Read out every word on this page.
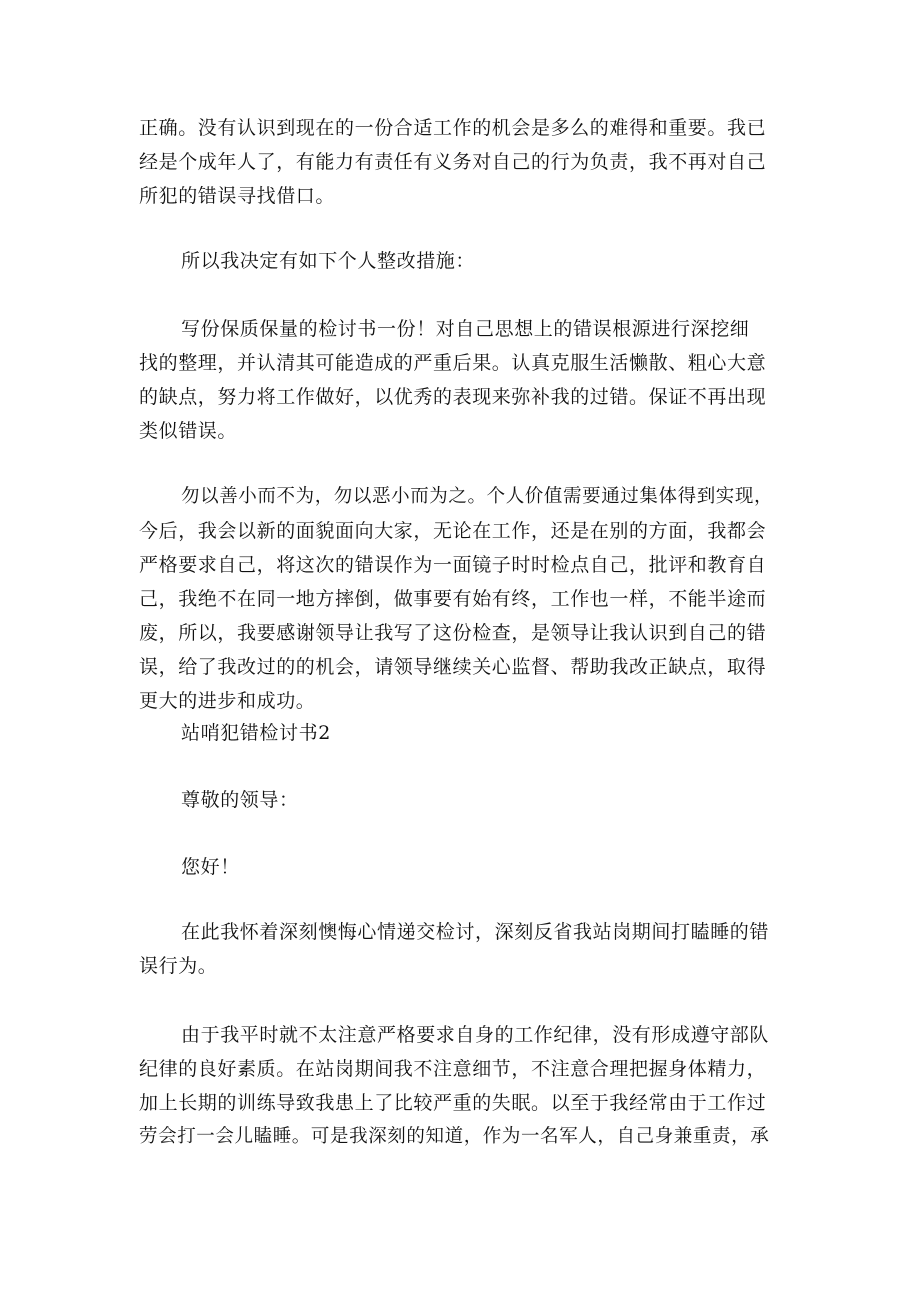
正确。没有认识到现在的一份合适工作的机会是多么的难得和重要。我已

经是个成年人了，有能力有责任有义务对自己的行为负责，我不再对自己

所犯的错误寻找借口。

所以我决定有如下个人整改措施：

写份保质保量的检讨书一份！对自己思想上的错误根源进行深挖细

找的整理，并认清其可能造成的严重后果。认真克服生活懒散、粗心大意

的缺点，努力将工作做好，以优秀的表现来弥补我的过错。保证不再出现

类似错误。

勿以善小而不为，勿以恶小而为之。个人价值需要通过集体得到实现，

今后，我会以新的面貌面向大家，无论在工作，还是在别的方面，我都会

严格要求自己，将这次的错误作为一面镜子时时检点自己，批评和教育自

己，我绝不在同一地方摔倒，做事要有始有终，工作也一样，不能半途而

废，所以，我要感谢领导让我写了这份检查，是领导让我认识到自己的错

误，给了我改过的的机会，请领导继续关心监督、帮助我改正缺点，取得

更大的进步和成功。

站哨犯错检讨书2

尊敬的领导：

您好！

在此我怀着深刻懊悔心情递交检讨，深刻反省我站岗期间打瞌睡的错

误行为。

由于我平时就不太注意严格要求自身的工作纪律，没有形成遵守部队

纪律的良好素质。在站岗期间我不注意细节，不注意合理把握身体精力，

加上长期的训练导致我患上了比较严重的失眠。以至于我经常由于工作过

劳会打一会儿瞌睡。可是我深刻的知道，作为一名军人，自己身兼重责，承
